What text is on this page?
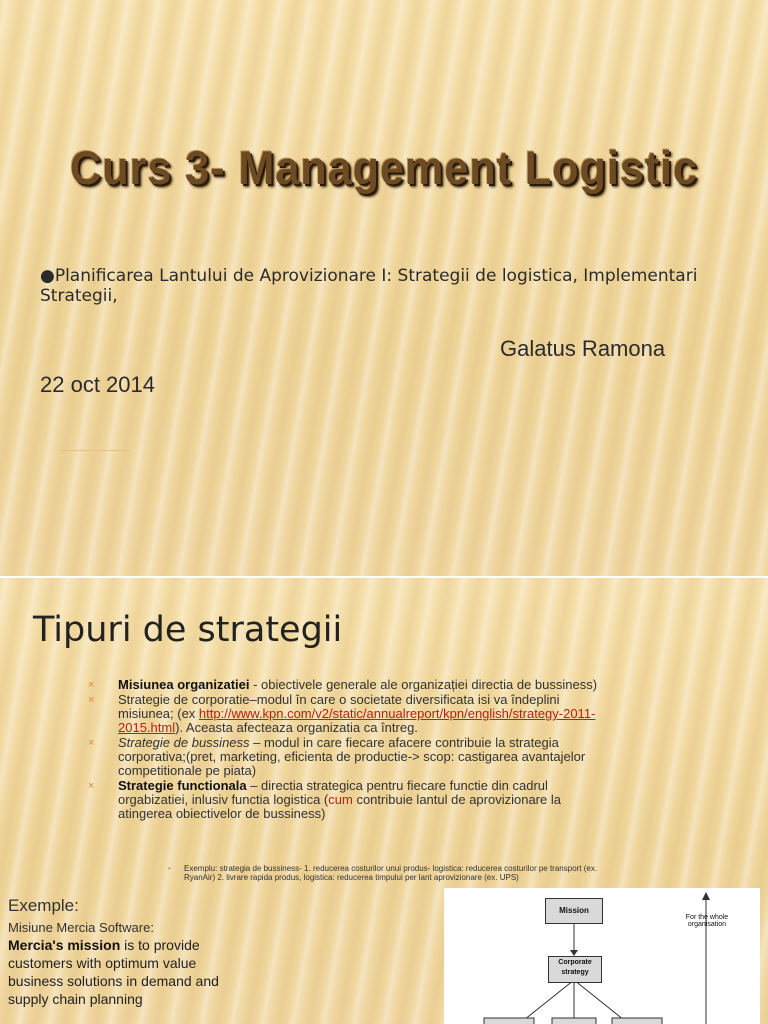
Curs 3- Management Logistic
●Planificarea Lantului de Aprovizionare I: Strategii de logistica, Implementari Strategii,
Galatus Ramona
22 oct 2014
Tipuri de strategii
× Misiunea organizatiei - obiectivele generale ale organizației directia de bussiness)
× Strategie de corporatie–modul în care o societate diversificata isi va îndeplini misiunea; (ex http://www.kpn.com/v2/static/annualreport/kpn/english/strategy-2011-2015.html). Aceasta afecteaza organizatia ca întreg.
× Strategie de bussiness – modul in care fiecare afacere contribuie la strategia corporativa;(pret, marketing, eficienta de productie-> scop: castigarea avantajelor competitionale pe piata)
× Strategie functionala – directia strategica pentru fiecare functie din cadrul orgabizatiei, inlusiv functia logistica (cum contribuie lantul de aprovizionare la atingerea obiectivelor de bussiness)
• Exemplu: strategia de bussiness- 1. reducerea costurilor unui produs- logistica: reducerea costurilor pe transport (ex. RyanAir) 2. livrare rapida produs, logistica: reducerea timpului per lant aprovizionare (ex. UPS)
Exemple:
Misiune Mercia Software:
Mercia's mission is to provide customers with optimum value business solutions in demand and supply chain planning
Mission
Corporate strategy
For the whole organisation
